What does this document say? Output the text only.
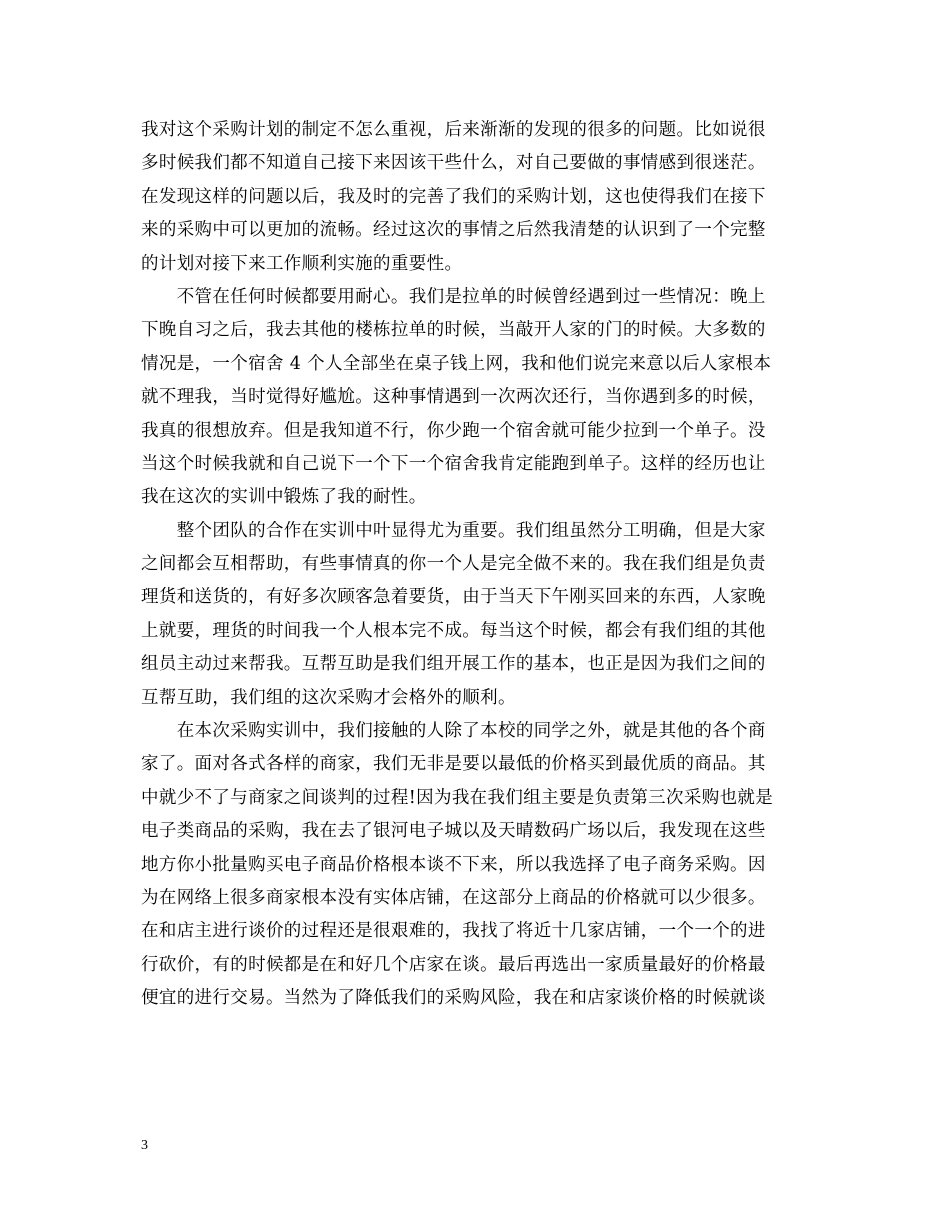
我对这个采购计划的制定不怎么重视，后来渐渐的发现的很多的问题。比如说很
多时候我们都不知道自己接下来因该干些什么，对自己要做的事情感到很迷茫。
在发现这样的问题以后，我及时的完善了我们的采购计划，这也使得我们在接下
来的采购中可以更加的流畅。经过这次的事情之后然我清楚的认识到了一个完整
的计划对接下来工作顺利实施的重要性。
　　不管在任何时候都要用耐心。我们是拉单的时候曾经遇到过一些情况：晚上
下晚自习之后，我去其他的楼栋拉单的时候，当敲开人家的门的时候。大多数的
情况是，一个宿舍 4 个人全部坐在桌子钱上网，我和他们说完来意以后人家根本
就不理我，当时觉得好尴尬。这种事情遇到一次两次还行，当你遇到多的时候，
我真的很想放弃。但是我知道不行，你少跑一个宿舍就可能少拉到一个单子。没
当这个时候我就和自己说下一个下一个宿舍我肯定能跑到单子。这样的经历也让
我在这次的实训中锻炼了我的耐性。
　　整个团队的合作在实训中叶显得尤为重要。我们组虽然分工明确，但是大家
之间都会互相帮助，有些事情真的你一个人是完全做不来的。我在我们组是负责
理货和送货的，有好多次顾客急着要货，由于当天下午刚买回来的东西，人家晚
上就要，理货的时间我一个人根本完不成。每当这个时候，都会有我们组的其他
组员主动过来帮我。互帮互助是我们组开展工作的基本，也正是因为我们之间的
互帮互助，我们组的这次采购才会格外的顺利。
　　在本次采购实训中，我们接触的人除了本校的同学之外，就是其他的各个商
家了。面对各式各样的商家，我们无非是要以最低的价格买到最优质的商品。其
中就少不了与商家之间谈判的过程!因为我在我们组主要是负责第三次采购也就是
电子类商品的采购，我在去了银河电子城以及天晴数码广场以后，我发现在这些
地方你小批量购买电子商品价格根本谈不下来，所以我选择了电子商务采购。因
为在网络上很多商家根本没有实体店铺，在这部分上商品的价格就可以少很多。
在和店主进行谈价的过程还是很艰难的，我找了将近十几家店铺，一个一个的进
行砍价，有的时候都是在和好几个店家在谈。最后再选出一家质量最好的价格最
便宜的进行交易。当然为了降低我们的采购风险，我在和店家谈价格的时候就谈
3
